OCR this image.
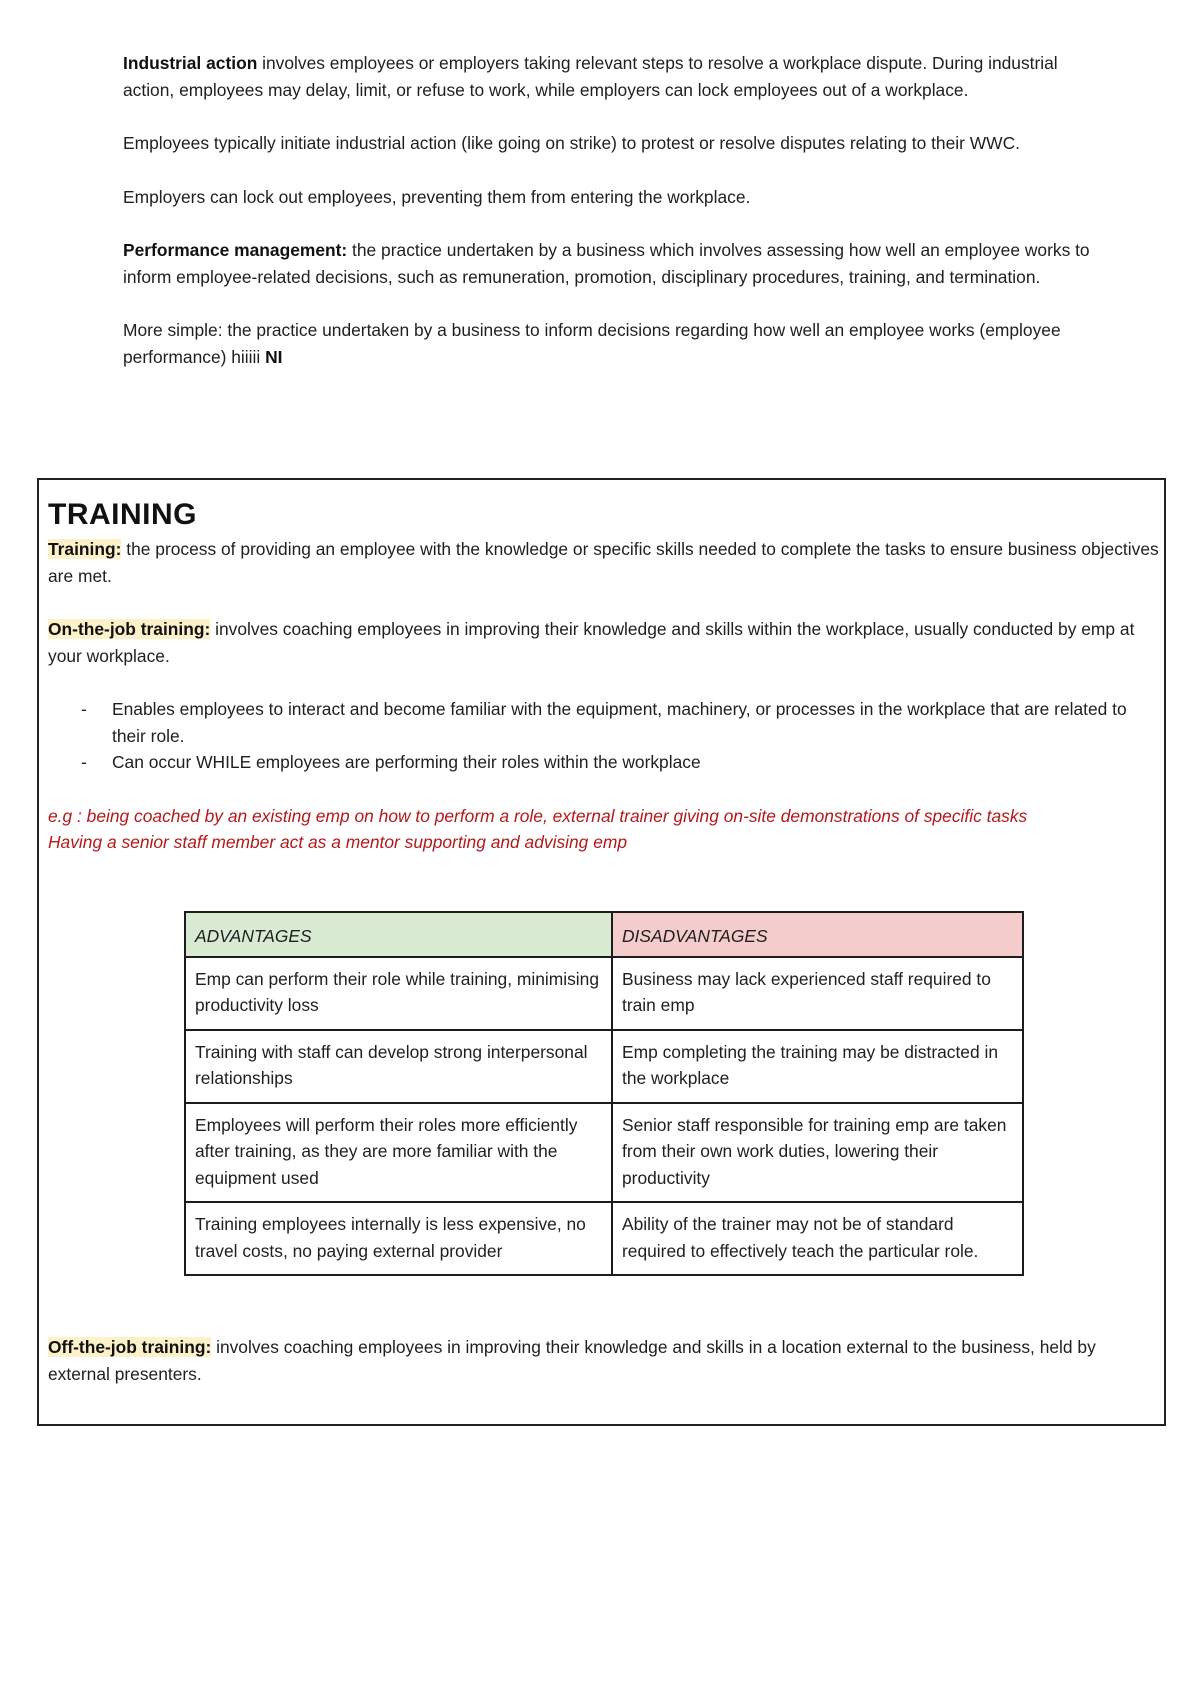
Industrial action involves employees or employers taking relevant steps to resolve a workplace dispute. During industrial action, employees may delay, limit, or refuse to work, while employers can lock employees out of a workplace.

Employees typically initiate industrial action (like going on strike) to protest or resolve disputes relating to their WWC.

Employers can lock out employees, preventing them from entering the workplace.

Performance management: the practice undertaken by a business which involves assessing how well an employee works to inform employee-related decisions, such as remuneration, promotion, disciplinary procedures, training, and termination.

More simple: the practice undertaken by a business to inform decisions regarding how well an employee works (employee performance) hiiiii NI

TRAINING

Training: the process of providing an employee with the knowledge or specific skills needed to complete the tasks to ensure business objectives are met.

On-the-job training: involves coaching employees in improving their knowledge and skills within the workplace, usually conducted by emp at your workplace.

- Enables employees to interact and become familiar with the equipment, machinery, or processes in the workplace that are related to their role.
- Can occur WHILE employees are performing their roles within the workplace
e.g : being coached by an existing emp on how to perform a role, external trainer giving on-site demonstrations of specific tasks
Having a senior staff member act as a mentor supporting and advising emp
ADVANTAGES	DISADVANTAGES
Emp can perform their role while training, minimising productivity loss	Business may lack experienced staff required to train emp
Training with staff can develop strong interpersonal relationships	Emp completing the training may be distracted in the workplace
Employees will perform their roles more efficiently after training, as they are more familiar with the equipment used	Senior staff responsible for training emp are taken from their own work duties, lowering their productivity
Training employees internally is less expensive, no travel costs, no paying external provider	Ability of the trainer may not be of standard required to effectively teach the particular role.

Off-the-job training: involves coaching employees in improving their knowledge and skills in a location external to the business, held by external presenters.
